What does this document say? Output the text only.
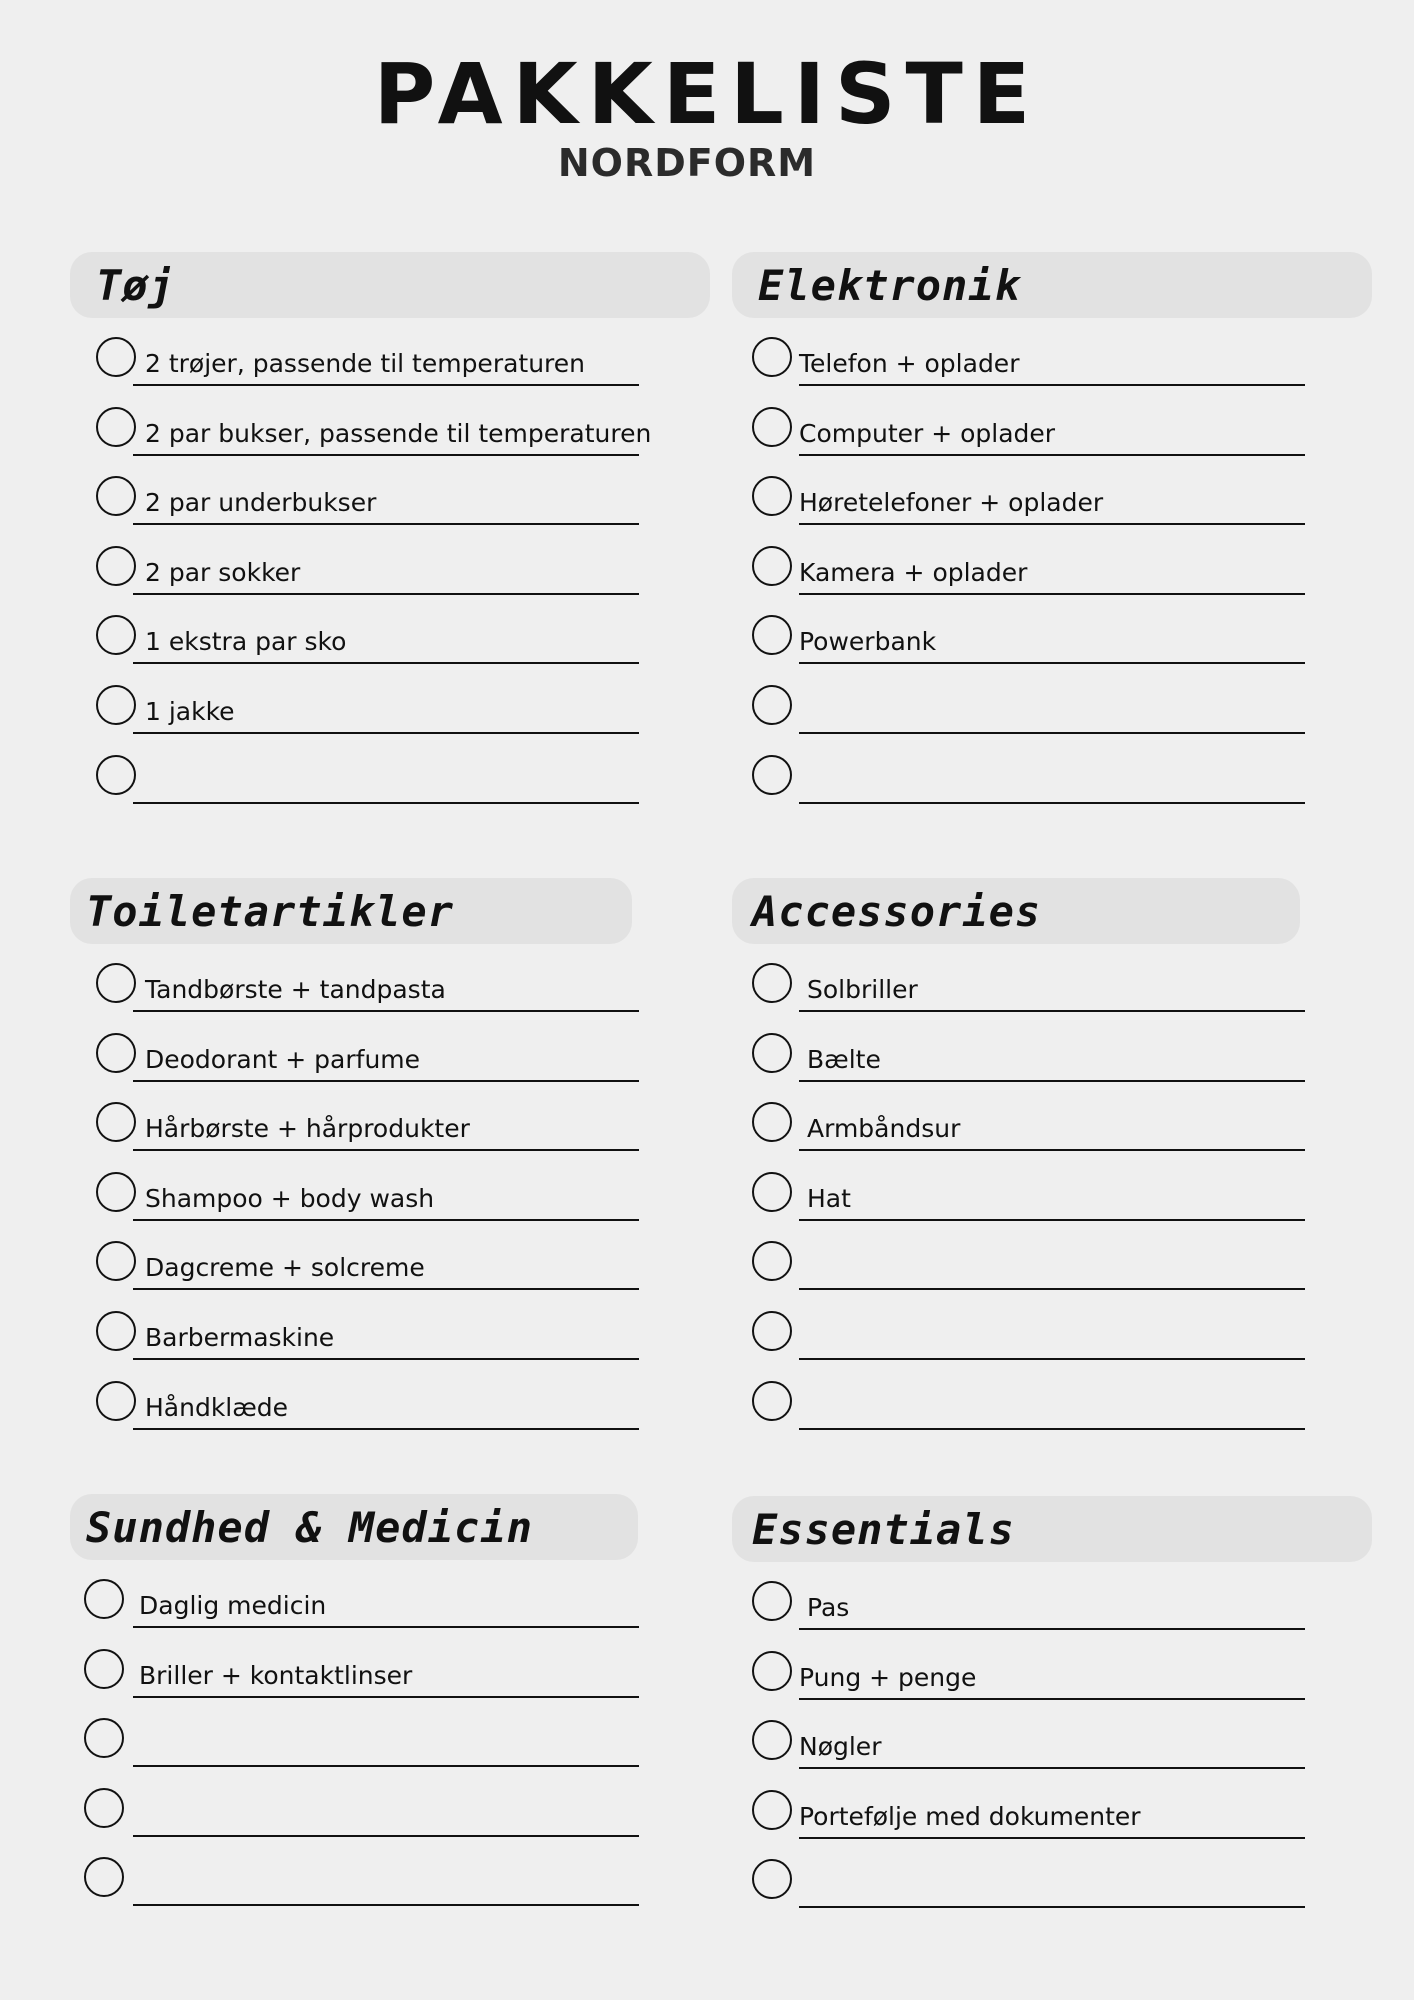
PAKKELISTE
NORDFORM
Tøj
2 trøjer, passende til temperaturen
2 par bukser, passende til temperaturen
2 par underbukser
2 par sokker
1 ekstra par sko
1 jakke
Elektronik
Telefon + oplader
Computer + oplader
Høretelefoner + oplader
Kamera + oplader
Powerbank
Toiletartikler
Tandbørste + tandpasta
Deodorant + parfume
Hårbørste + hårprodukter
Shampoo + body wash
Dagcreme + solcreme
Barbermaskine
Håndklæde
Accessories
Solbriller
Bælte
Armbåndsur
Hat
Sundhed & Medicin
Daglig medicin
Briller + kontaktlinser
Essentials
Pas
Pung + penge
Nøgler
Portefølje med dokumenter
